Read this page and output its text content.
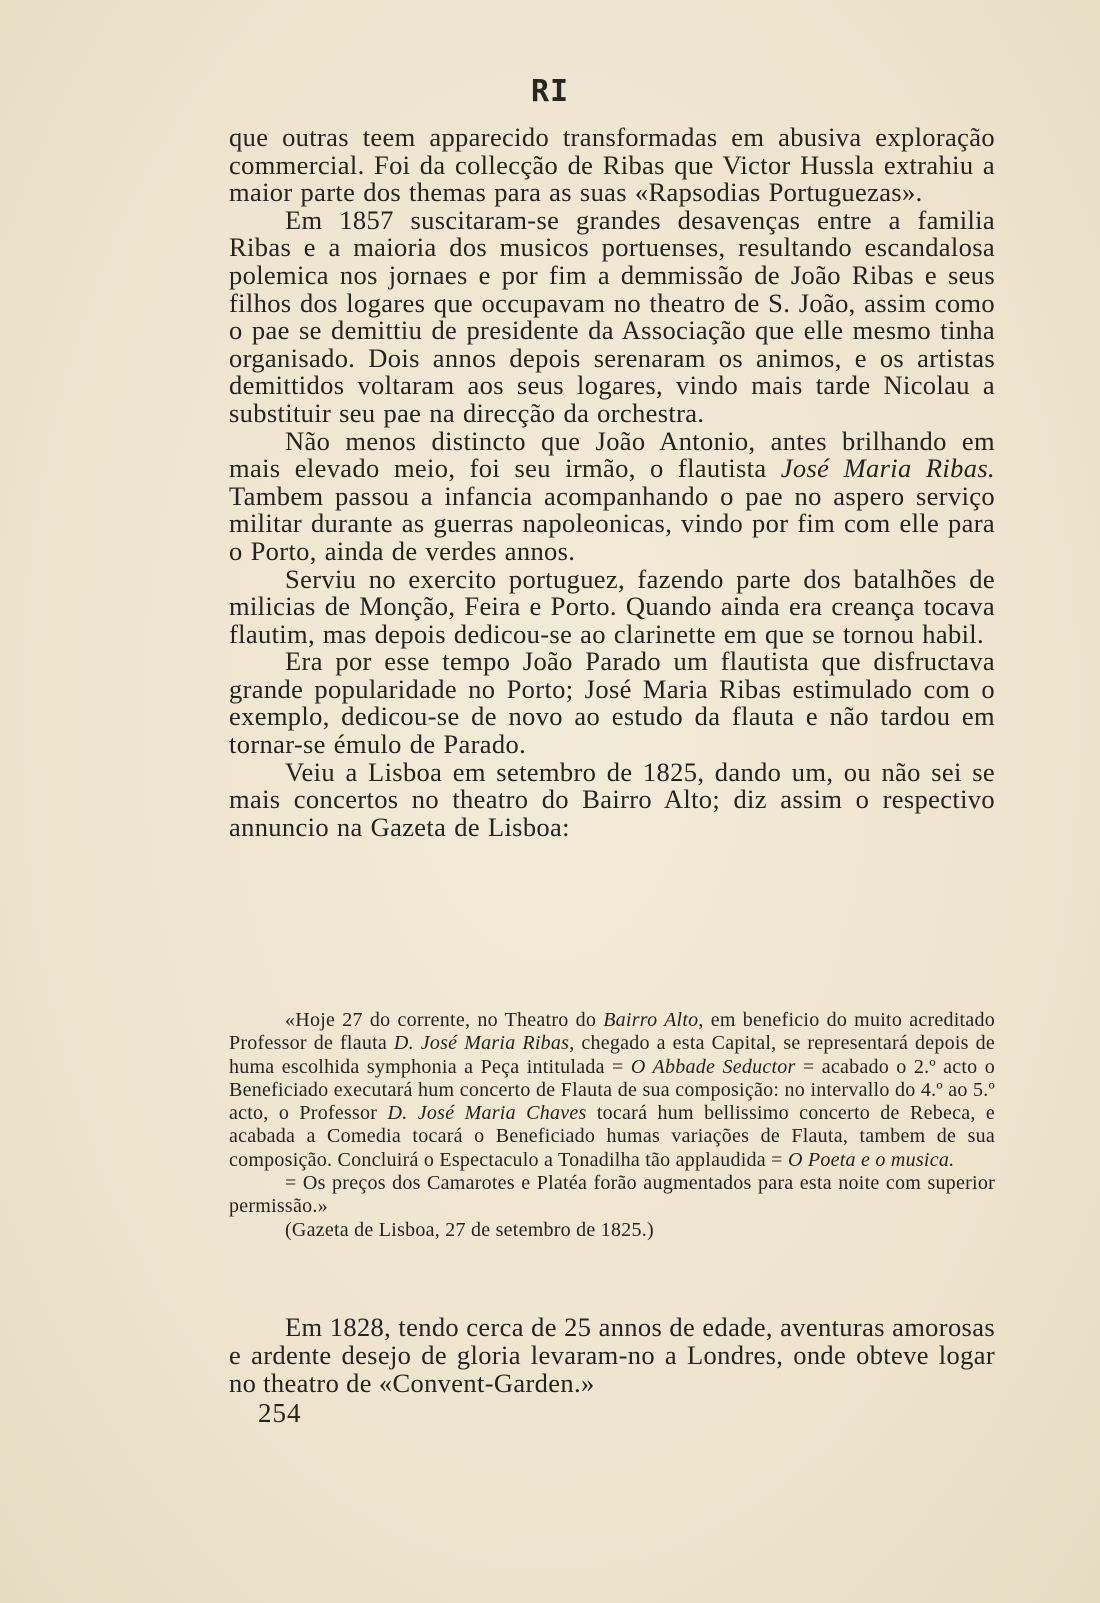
RI

que outras teem apparecido transformadas em abusiva exploração commercial. Foi da collecção de Ribas que Victor Hussla extrahiu a maior parte dos themas para as suas «Rapsodias Portuguezas».

Em 1857 suscitaram-se grandes desavenças entre a familia Ribas e a maioria dos musicos portuenses, resultando escandalosa polemica nos jornaes e por fim a demmissão de João Ribas e seus filhos dos logares que occupavam no theatro de S. João, assim como o pae se demittiu de presidente da Associação que elle mesmo tinha organisado. Dois annos depois serenaram os animos, e os artistas demittidos voltaram aos seus logares, vindo mais tarde Nicolau a substituir seu pae na direcção da orchestra.

Não menos distincto que João Antonio, antes brilhando em mais elevado meio, foi seu irmão, o flautista José Maria Ribas. Tambem passou a infancia acompanhando o pae no aspero serviço militar durante as guerras napoleonicas, vindo por fim com elle para o Porto, ainda de verdes annos.

Serviu no exercito portuguez, fazendo parte dos batalhões de milicias de Monção, Feira e Porto. Quando ainda era creança tocava flautim, mas depois dedicou-se ao clarinette em que se tornou habil.

Era por esse tempo João Parado um flautista que disfructava grande popularidade no Porto; José Maria Ribas estimulado com o exemplo, dedicou-se de novo ao estudo da flauta e não tardou em tornar-se émulo de Parado.

Veiu a Lisboa em setembro de 1825, dando um, ou não sei se mais concertos no theatro do Bairro Alto; diz assim o respectivo annuncio na Gazeta de Lisboa:

«Hoje 27 do corrente, no Theatro do Bairro Alto, em beneficio do muito acreditado Professor de flauta D. José Maria Ribas, chegado a esta Capital, se representará depois de huma escolhida symphonia a Peça intitulada = O Abbade Seductor = acabado o 2.º acto o Beneficiado executará hum concerto de Flauta de sua composição: no intervallo do 4.º ao 5.º acto, o Professor D. José Maria Chaves tocará hum bellissimo concerto de Rebeca, e acabada a Comedia tocará o Beneficiado humas variações de Flauta, tambem de sua composição. Concluirá o Espectaculo a Tonadilha tão applaudida = O Poeta e o musica.

= Os preços dos Camarotes e Platéa forão augmentados para esta noite com superior permissão.»

(Gazeta de Lisboa, 27 de setembro de 1825.)

Em 1828, tendo cerca de 25 annos de edade, aventuras amorosas e ardente desejo de gloria levaram-no a Londres, onde obteve logar no theatro de «Convent-Garden.»

254
